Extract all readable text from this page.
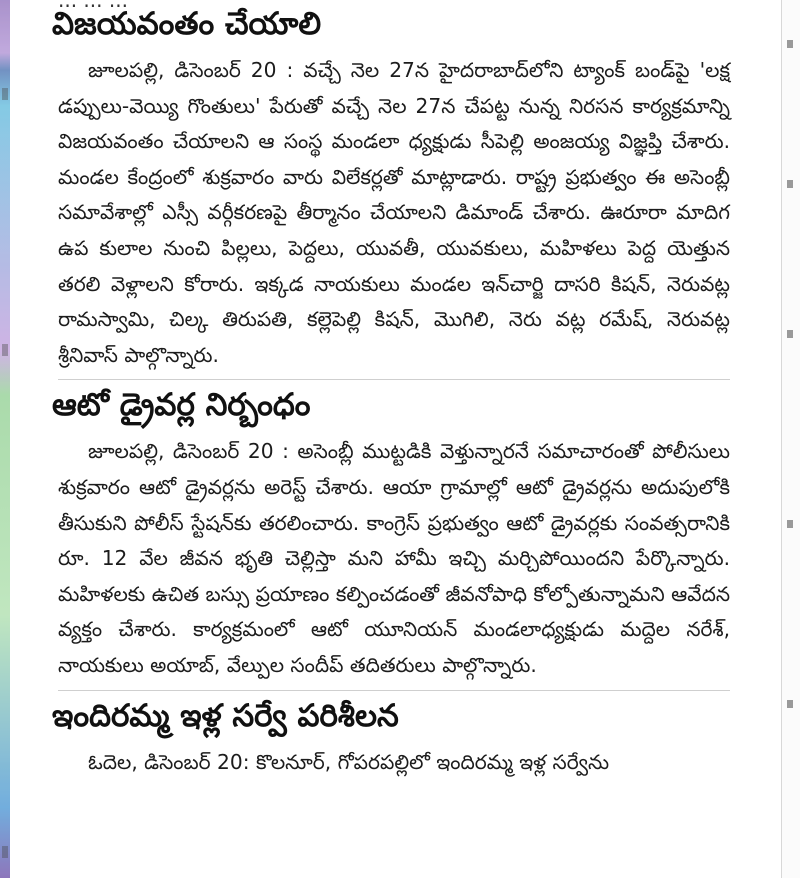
... ... ...
విజయవంతం చేయాలి

జూలపల్లి, డిసెంబర్ 20 : వచ్చే నెల 27న హైదరాబాద్‌లోని ట్యాంక్ బండ్‌పై 'లక్ష డప్పులు-వెయ్యి గొంతులు' పేరుతో వచ్చే నెల 27న చేపట్ట నున్న నిరసన కార్యక్రమాన్ని విజయవంతం చేయాలని ఆ సంస్థ మండలా ధ్యక్షుడు సీపెల్లి అంజయ్య విజ్ఞప్తి చేశారు. మండల కేంద్రంలో శుక్రవారం వారు విలేకర్లతో మాట్లాడారు. రాష్ట్ర ప్రభుత్వం ఈ అసెంబ్లీ సమావేశాల్లో ఎస్సీ వర్గీకరణపై తీర్మానం చేయాలని డిమాండ్ చేశారు. ఊరూరా మాదిగ ఉప కులాల నుంచి పిల్లలు, పెద్దలు, యువతీ, యువకులు, మహిళలు పెద్ద యెత్తున తరలి వెళ్లాలని కోరారు. ఇక్కడ నాయకులు మండల ఇన్‌చార్జి దాసరి కిషన్, నెరువట్ల రామస్వామి, చిల్క తిరుపతి, కల్లెపెల్లి కిషన్, మొగిలి, నెరు వట్ల రమేష్, నెరువట్ల శ్రీనివాస్ పాల్గొన్నారు.

ఆటో డ్రైవర్ల నిర్బంధం

జూలపల్లి, డిసెంబర్ 20 : అసెంబ్లీ ముట్టడికి వెళ్తున్నారనే సమాచారంతో పోలీసులు శుక్రవారం ఆటో డ్రైవర్లను అరెస్ట్ చేశారు. ఆయా గ్రామాల్లో ఆటో డ్రైవర్లను అదుపులోకి తీసుకుని పోలీస్ స్టేషన్‌కు తరలించారు. కాంగ్రెస్ ప్రభుత్వం ఆటో డ్రైవర్లకు సంవత్సరానికి రూ. 12 వేల జీవన భృతి చెల్లిస్తా మని హామీ ఇచ్చి మర్చిపోయిందని పేర్కొన్నారు. మహిళలకు ఉచిత బస్సు ప్రయాణం కల్పించడంతో జీవనోపాధి కోల్పోతున్నామని ఆవేదన వ్యక్తం చేశారు. కార్యక్రమంలో ఆటో యూనియన్ మండలాధ్యక్షుడు మద్దెల నరేశ్, నాయకులు అయాబ్, వేల్పుల సందీప్ తదితరులు పాల్గొన్నారు.

ఇందిరమ్మ ఇళ్ల సర్వే పరిశీలన

ఓదెల, డిసెంబర్ 20: కొలనూర్, గోపరపల్లిలో ఇందిరమ్మ ఇళ్ల సర్వేను
